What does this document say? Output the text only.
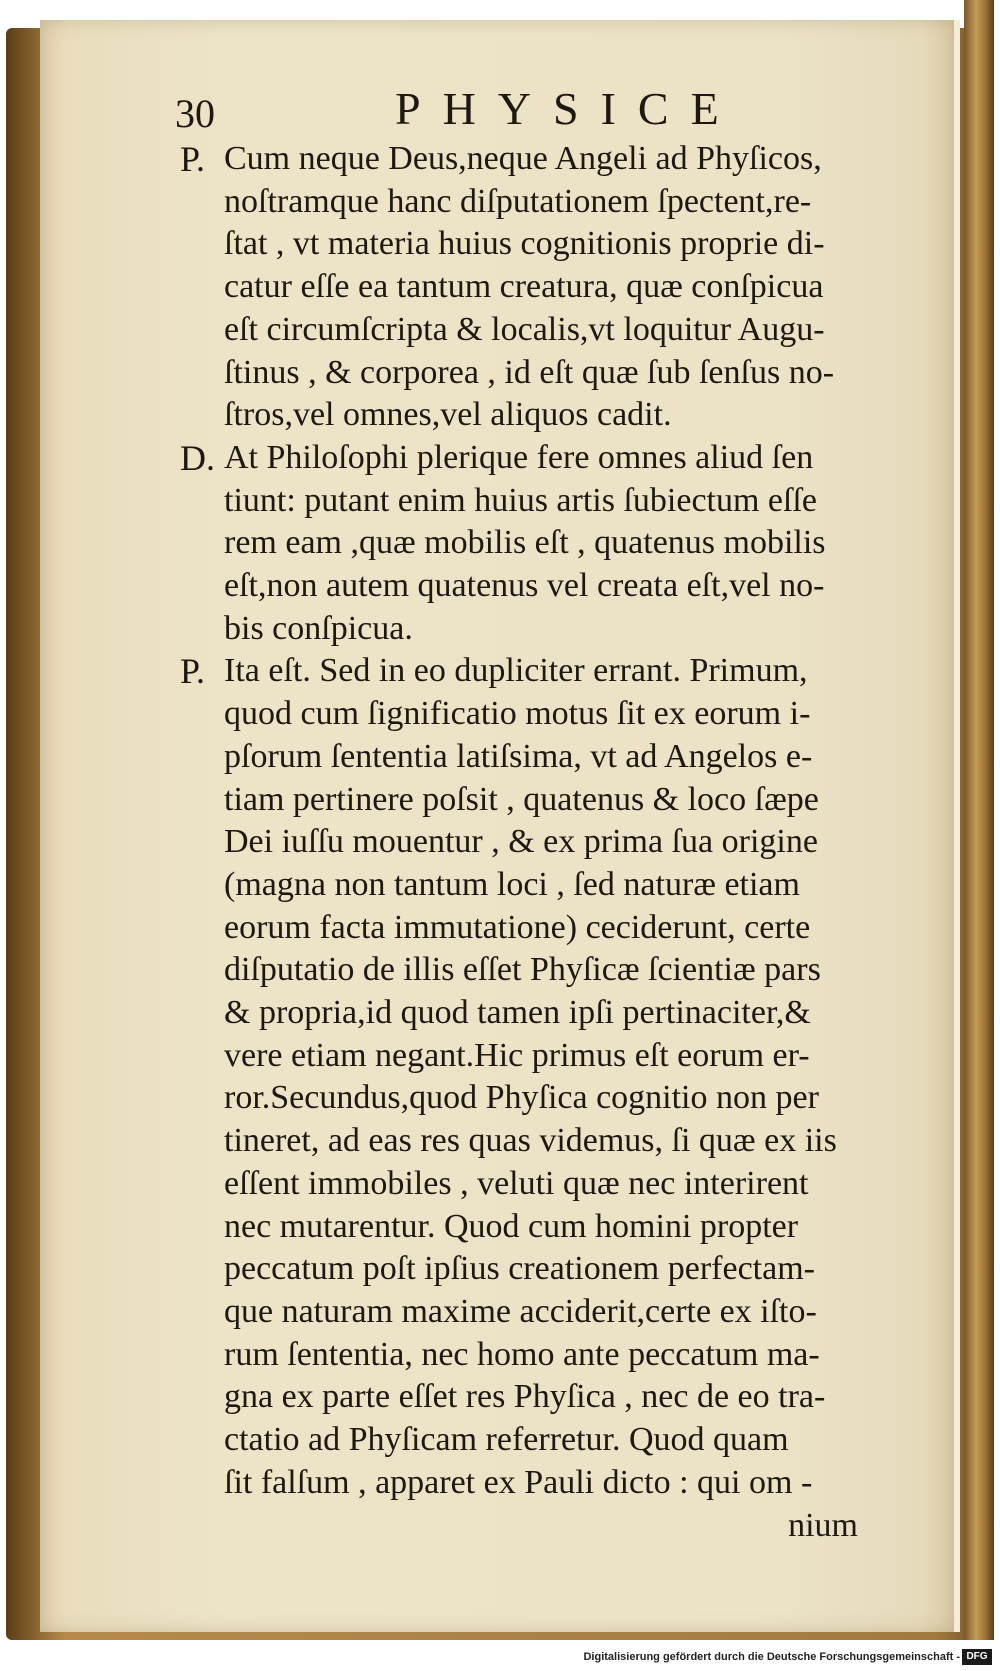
30	PHYSICE
P. Cum neque Deus,neque Angeli ad Phyſicos,
noſtramque hanc diſputationem ſpectent,re-
ſtat , vt materia huius cognitionis proprie di-
catur eſſe ea tantum creatura, quæ conſpicua
eſt circumſcripta & localis,vt loquitur Augu-
ſtinus , & corporea , id eſt quæ ſub ſenſus no-
ſtros,vel omnes,vel aliquos cadit.
D. At Philoſophi plerique fere omnes aliud ſen
tiunt: putant enim huius artis ſubiectum eſſe
rem eam ,quæ mobilis eſt , quatenus mobilis
eſt,non autem quatenus vel creata eſt,vel no-
bis conſpicua.
P. Ita eſt. Sed in eo dupliciter errant. Primum,
quod cum ſignificatio motus ſit ex eorum i-
pſorum ſententia latiſsima, vt ad Angelos e-
tiam pertinere poſsit , quatenus & loco ſæpe
Dei iuſſu mouentur , & ex prima ſua origine
(magna non tantum loci , ſed naturæ etiam
eorum facta immutatione) ceciderunt, certe
diſputatio de illis eſſet Phyſicæ ſcientiæ pars
& propria,id quod tamen ipſi pertinaciter,&
vere etiam negant.Hic primus eſt eorum er-
ror.Secundus,quod Phyſica cognitio non per
tineret, ad eas res quas videmus, ſi quæ ex iis
eſſent immobiles , veluti quæ nec interirent
nec mutarentur. Quod cum homini propter
peccatum poſt ipſius creationem perfectam-
que naturam maxime acciderit,certe ex iſto-
rum ſententia, nec homo ante peccatum ma-
gna ex parte eſſet res Phyſica , nec de eo tra-
ctatio ad Phyſicam referretur. Quod quam
ſit falſum , apparet ex Pauli dicto : qui om -
nium
Digitalisierung gefördert durch die Deutsche Forschungsgemeinschaft - DFG
